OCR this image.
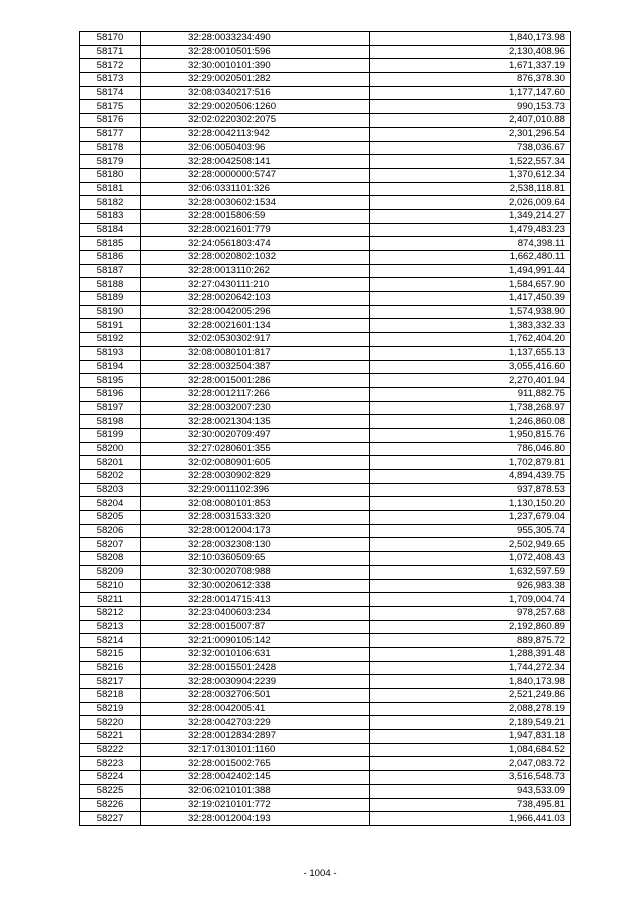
58170	32:28:0033234:490	1,840,173.98
58171	32:28:0010501:596	2,130,408.96
58172	32:30:0010101:390	1,671,337.19
58173	32:29:0020501:282	876,378.30
58174	32:08:0340217:516	1,177,147.60
58175	32:29:0020506:1260	990,153.73
58176	32:02:0220302:2075	2,407,010.88
58177	32:28:0042113:942	2,301,296.54
58178	32:06:0050403:96	738,036.67
58179	32:28:0042508:141	1,522,557.34
58180	32:28:0000000:5747	1,370,612.34
58181	32:06:0331101:326	2,538,118.81
58182	32:28:0030602:1534	2,026,009.64
58183	32:28:0015806:59	1,349,214.27
58184	32:28:0021601:779	1,479,483.23
58185	32:24:0561803:474	874,398.11
58186	32:28:0020802:1032	1,662,480.11
58187	32:28:0013110:262	1,494,991.44
58188	32:27:0430111:210	1,584,657.90
58189	32:28:0020642:103	1,417,450.39
58190	32:28:0042005:296	1,574,938.90
58191	32:28:0021601:134	1,383,332.33
58192	32:02:0530302:917	1,762,404.20
58193	32:08:0080101:817	1,137,655.13
58194	32:28:0032504:387	3,055,416.60
58195	32:28:0015001:286	2,270,401.94
58196	32:28:0012117:266	911,882.75
58197	32:28:0032007:230	1,738,268.97
58198	32:28:0021304:135	1,246,860.08
58199	32:30:0020709:497	1,950,815.76
58200	32:27:0280601:355	786,046.80
58201	32:02:0080901:605	1,702,879.81
58202	32:28:0030902:829	4,894,439.75
58203	32:29:0011102:396	937,878.53
58204	32:08:0080101:853	1,130,150.20
58205	32:28:0031533:320	1,237,679.04
58206	32:28:0012004:173	955,305.74
58207	32:28:0032308:130	2,502,949.65
58208	32:10:0360509:65	1,072,408.43
58209	32:30:0020708:988	1,632,597.59
58210	32:30:0020612:338	926,983.38
58211	32:28:0014715:413	1,709,004.74
58212	32:23:0400603:234	978,257.68
58213	32:28:0015007:87	2,192,860.89
58214	32:21:0090105:142	889,875.72
58215	32:32:0010106:631	1,288,391.48
58216	32:28:0015501:2428	1,744,272.34
58217	32:28:0030904:2239	1,840,173.98
58218	32:28:0032706:501	2,521,249.86
58219	32:28:0042005:41	2,088,278.19
58220	32:28:0042703:229	2,189,549.21
58221	32:28:0012834:2897	1,947,831.18
58222	32:17:0130101:1160	1,084,684.52
58223	32:28:0015002:765	2,047,083.72
58224	32:28:0042402:145	3,516,548.73
58225	32:06:0210101:388	943,533.09
58226	32:19:0210101:772	738,495.81
58227	32:28:0012004:193	1,966,441.03
- 1004 -
